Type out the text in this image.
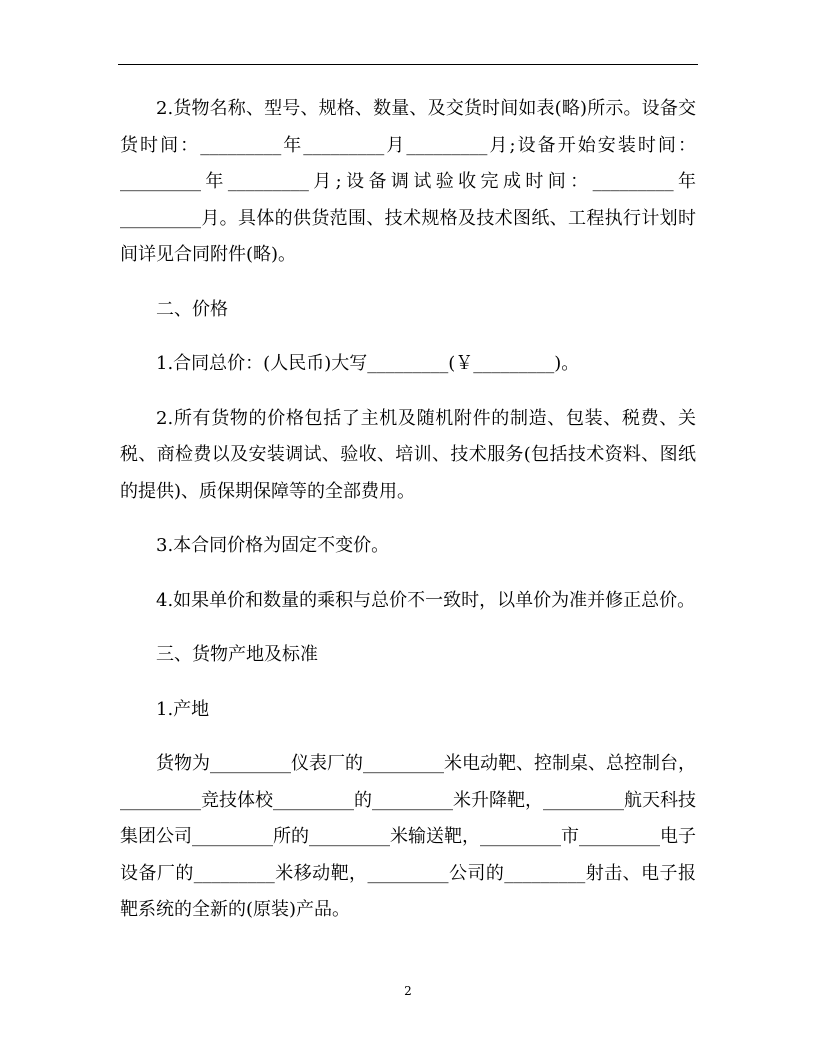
2.货物名称、型号、规格、数量、及交货时间如表(略)所示。设备交货时间：_________年_________月_________月;设备开始安装时间：_________年_________月;设备调试验收完成时间：_________年_________月。具体的供货范围、技术规格及技术图纸、工程执行计划时间详见合同附件(略)。

二、价格

1.合同总价：(人民币)大写_________(￥_________)。

2.所有货物的价格包括了主机及随机附件的制造、包装、税费、关税、商检费以及安装调试、验收、培训、技术服务(包括技术资料、图纸的提供)、质保期保障等的全部费用。

3.本合同价格为固定不变价。

4.如果单价和数量的乘积与总价不一致时，以单价为准并修正总价。

三、货物产地及标准

1.产地

货物为_________仪表厂的_________米电动靶、控制桌、总控制台，_________竞技体校_________的_________米升降靶，_________航天科技集团公司_________所的_________米输送靶，_________市_________电子设备厂的_________米移动靶，_________公司的_________射击、电子报靶系统的全新的(原装)产品。

2
